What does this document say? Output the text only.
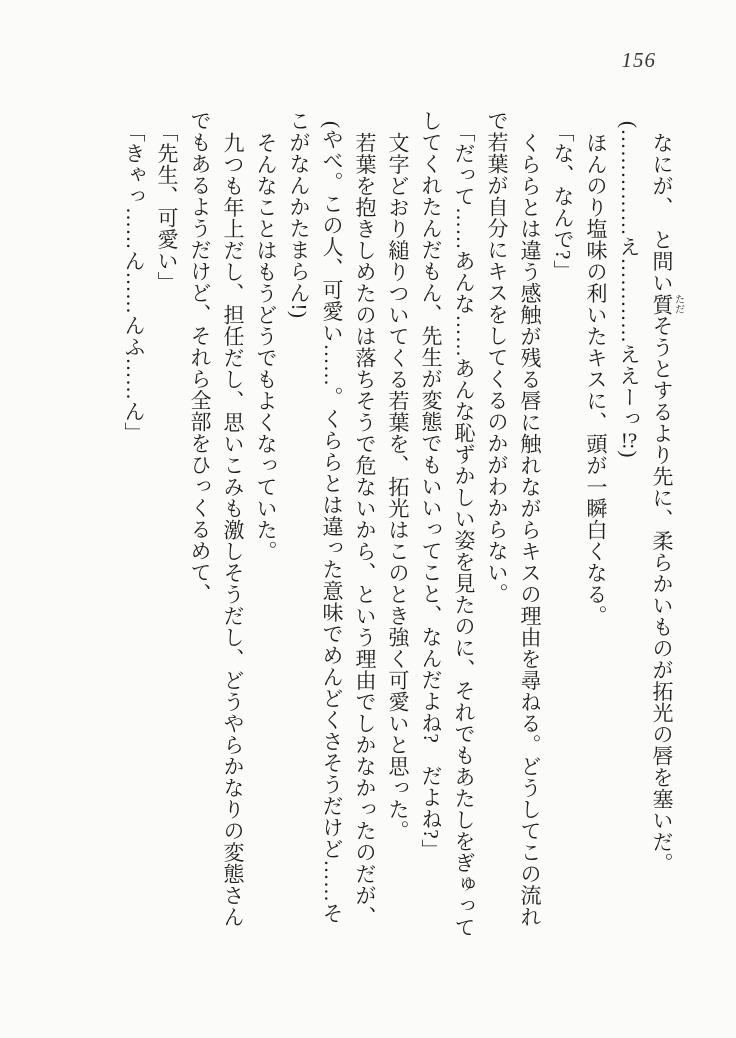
156

なにが、　と問い質ただそうとするより先に、柔らかいものが拓光の唇を塞いだ。

(……………え…………ええーっ!?)

ほんのり塩味の利いたキスに、頭が一瞬白くなる。

「な、なんで?」

くららとは違う感触が残る唇に触れながらキスの理由を尋ねる。どうしてこの流れ

で若葉が自分にキスをしてくるのかがわからない。

「だって……あんな……あんな恥ずかしい姿を見たのに、それでもあたしをぎゅって

してくれたんだもん、先生が変態でもいいってこと、なんだよね?　だよね?」

文字どおり縋りついてくる若葉を、拓光はこのとき強く可愛いと思った。

若葉を抱きしめたのは落ちそうで危ないから、という理由でしかなかったのだが、

(やべ。この人、可愛い……。くららとは違った意味でめんどくさそうだけど……そ

こがなんかたまらん!)

そんなことはもうどうでもよくなっていた。

九つも年上だし、担任だし、思いこみも激しそうだし、どうやらかなりの変態さん

でもあるようだけど、それら全部をひっくるめて、

「先生、可愛い」

「きゃっ……ん……んふ……ん」
